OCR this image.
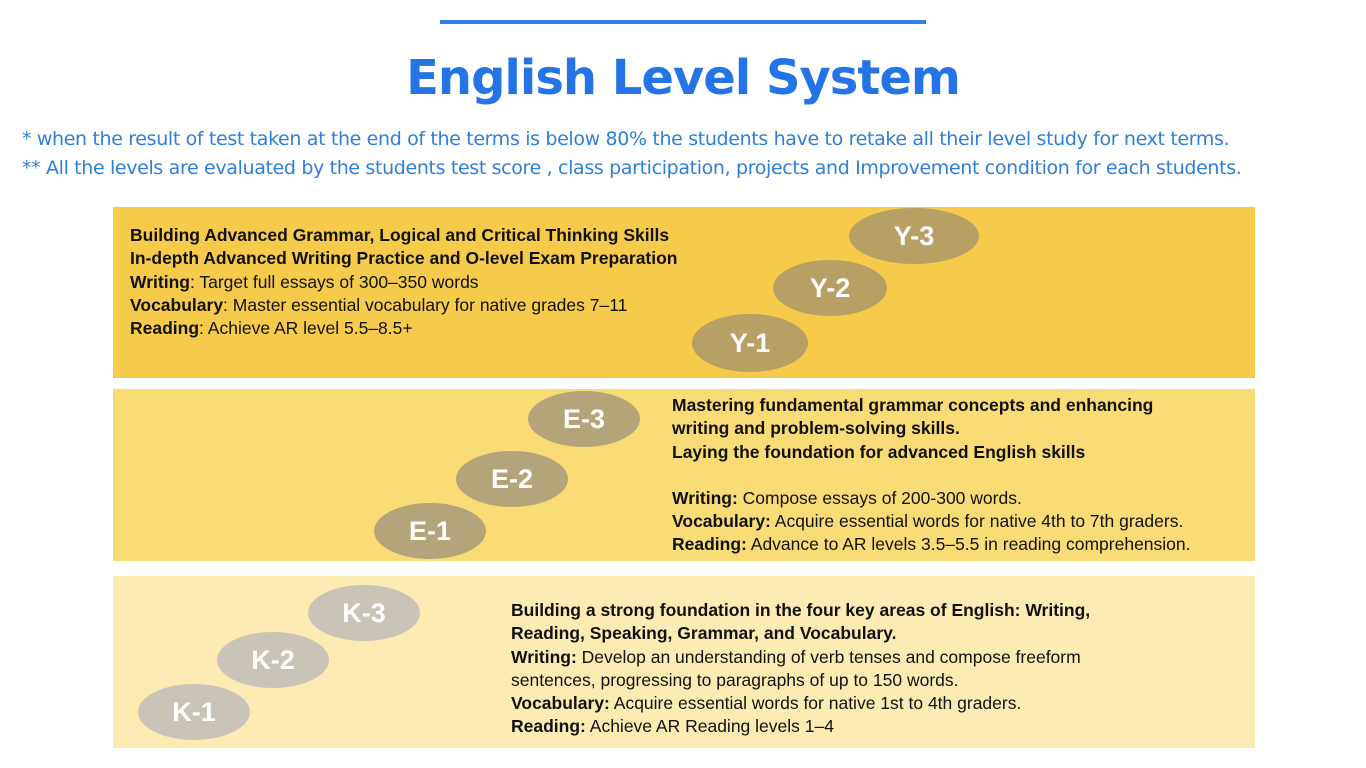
English Level System
* when the result of test taken at the end of the terms is below 80% the students have to retake all their level study for next terms.
** All the levels are evaluated by the students test score , class participation, projects and Improvement condition for each students.
Building Advanced Grammar, Logical and Critical Thinking Skills
In-depth Advanced Writing Practice and O-level Exam Preparation
Writing: Target full essays of 300–350 words
Vocabulary: Master essential vocabulary for native grades 7–11
Reading: Achieve AR level 5.5–8.5+
Y-3
Y-2
Y-1
E-3
E-2
E-1
Mastering fundamental grammar concepts and enhancing
writing and problem-solving skills.
Laying the foundation for advanced English skills
Writing: Compose essays of 200-300 words.
Vocabulary: Acquire essential words for native 4th to 7th graders.
Reading: Advance to AR levels 3.5–5.5 in reading comprehension.
K-3
K-2
K-1
Building a strong foundation in the four key areas of English: Writing,
Reading, Speaking, Grammar, and Vocabulary.
Writing: Develop an understanding of verb tenses and compose freeform
sentences, progressing to paragraphs of up to 150 words.
Vocabulary: Acquire essential words for native 1st to 4th graders.
Reading: Achieve AR Reading levels 1–4
